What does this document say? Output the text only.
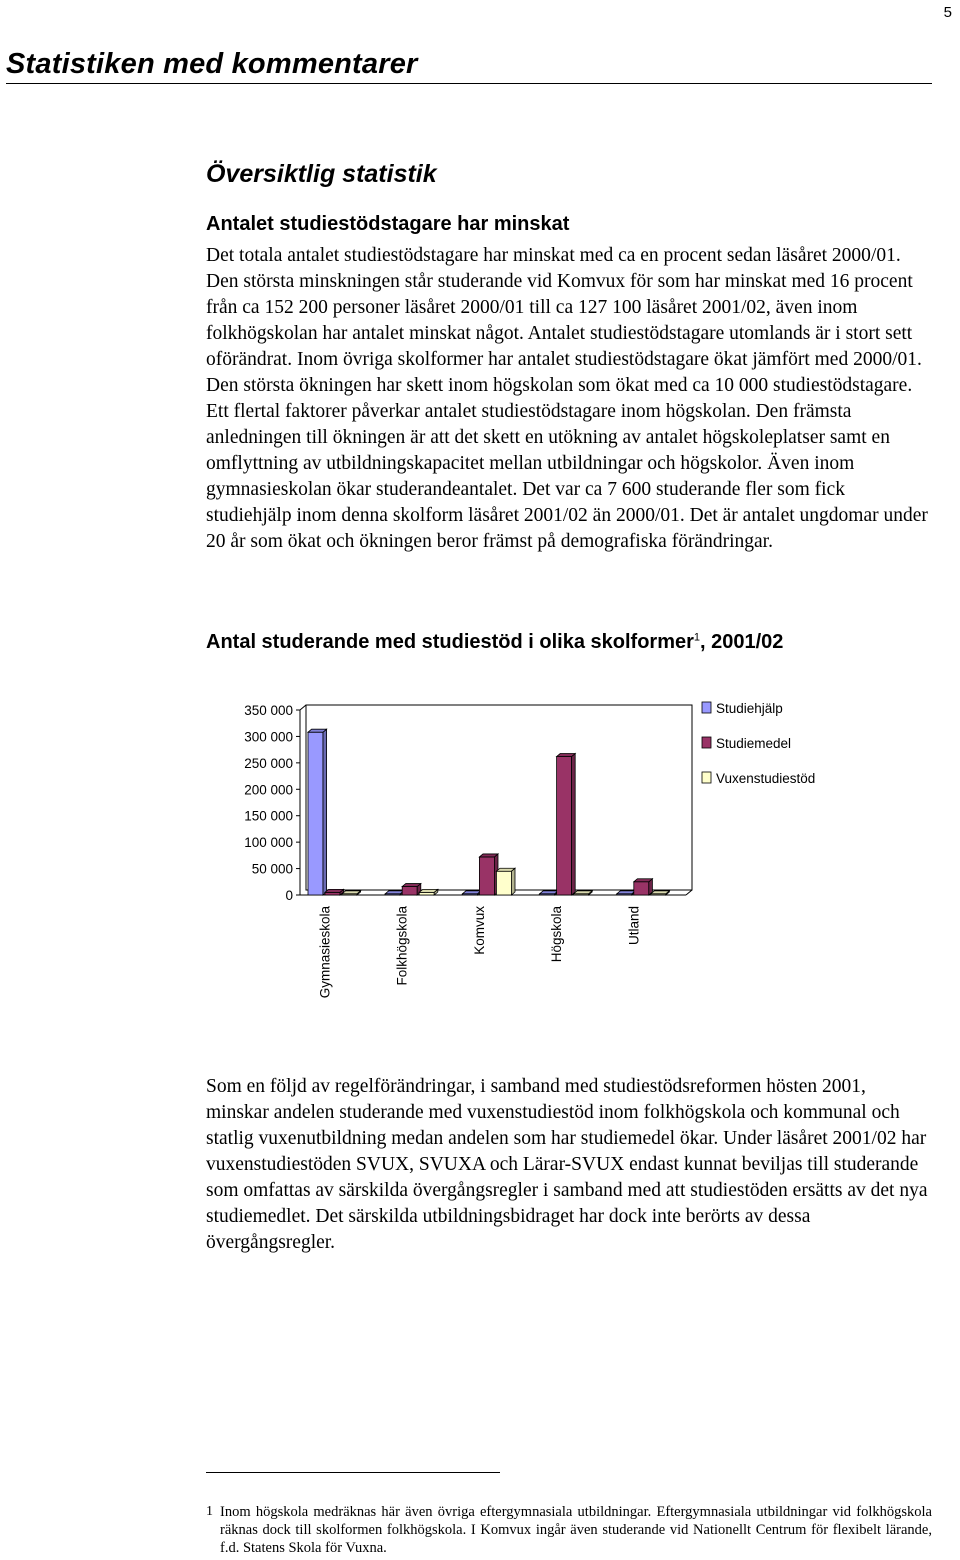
5
Statistiken med kommentarer
Översiktlig statistik
Antalet studiestödstagare har minskat

Det totala antalet studiestödstagare har minskat med ca en procent sedan läsåret 2000/01. Den största minskningen står studerande vid Komvux för som har minskat med 16 procent från ca 152 200 personer läsåret 2000/01 till ca 127 100 läsåret 2001/02, även inom folkhögskolan har antalet minskat något. Antalet studiestödstagare utomlands är i stort sett oförändrat. Inom övriga skolformer har antalet studiestödstagare ökat jämfört med 2000/01. Den största ökningen har skett inom högskolan som ökat med ca 10 000 studiestödstagare. Ett flertal faktorer påverkar antalet studiestödstagare inom högskolan. Den främsta anledningen till ökningen är att det skett en utökning av antalet högskoleplatser samt en omflyttning av utbildningskapacitet mellan utbildningar och högskolor. Även inom gymnasieskolan ökar studerandeantalet. Det var ca 7 600 studerande fler som fick studiehjälp inom denna skolform läsåret 2001/02 än 2000/01. Det är antalet ungdomar under 20 år som ökat och ökningen beror främst på demografiska förändringar.

Antal studerande med studiestöd i olika skolformer$^1$, 2001/02
0
50 000
100 000
150 000
200 000
250 000
300 000
350 000
Gymnasieskola	Folkhögskola	Komvux	Högskola	Utland
Studiehjälp
Studiemedel
Vuxenstudiestöd

Som en följd av regelförändringar, i samband med studiestödsreformen hösten 2001, minskar andelen studerande med vuxenstudiestöd inom folkhögskola och kommunal och statlig vuxenutbildning medan andelen som har studiemedel ökar. Under läsåret 2001/02 har vuxenstudiestöden SVUX, SVUXA och Lärar-SVUX endast kunnat beviljas till studerande som omfattas av särskilda övergångsregler i samband med att studiestöden ersätts av det nya studiemedlet. Det särskilda utbildningsbidraget har dock inte berörts av dessa övergångsregler.

1 Inom högskola medräknas här även övriga eftergymnasiala utbildningar. Eftergymnasiala utbildningar vid folkhögskola räknas dock till skolformen folkhögskola. I Komvux ingår även studerande vid Nationellt Centrum för flexibelt lärande, f.d. Statens Skola för Vuxna.
